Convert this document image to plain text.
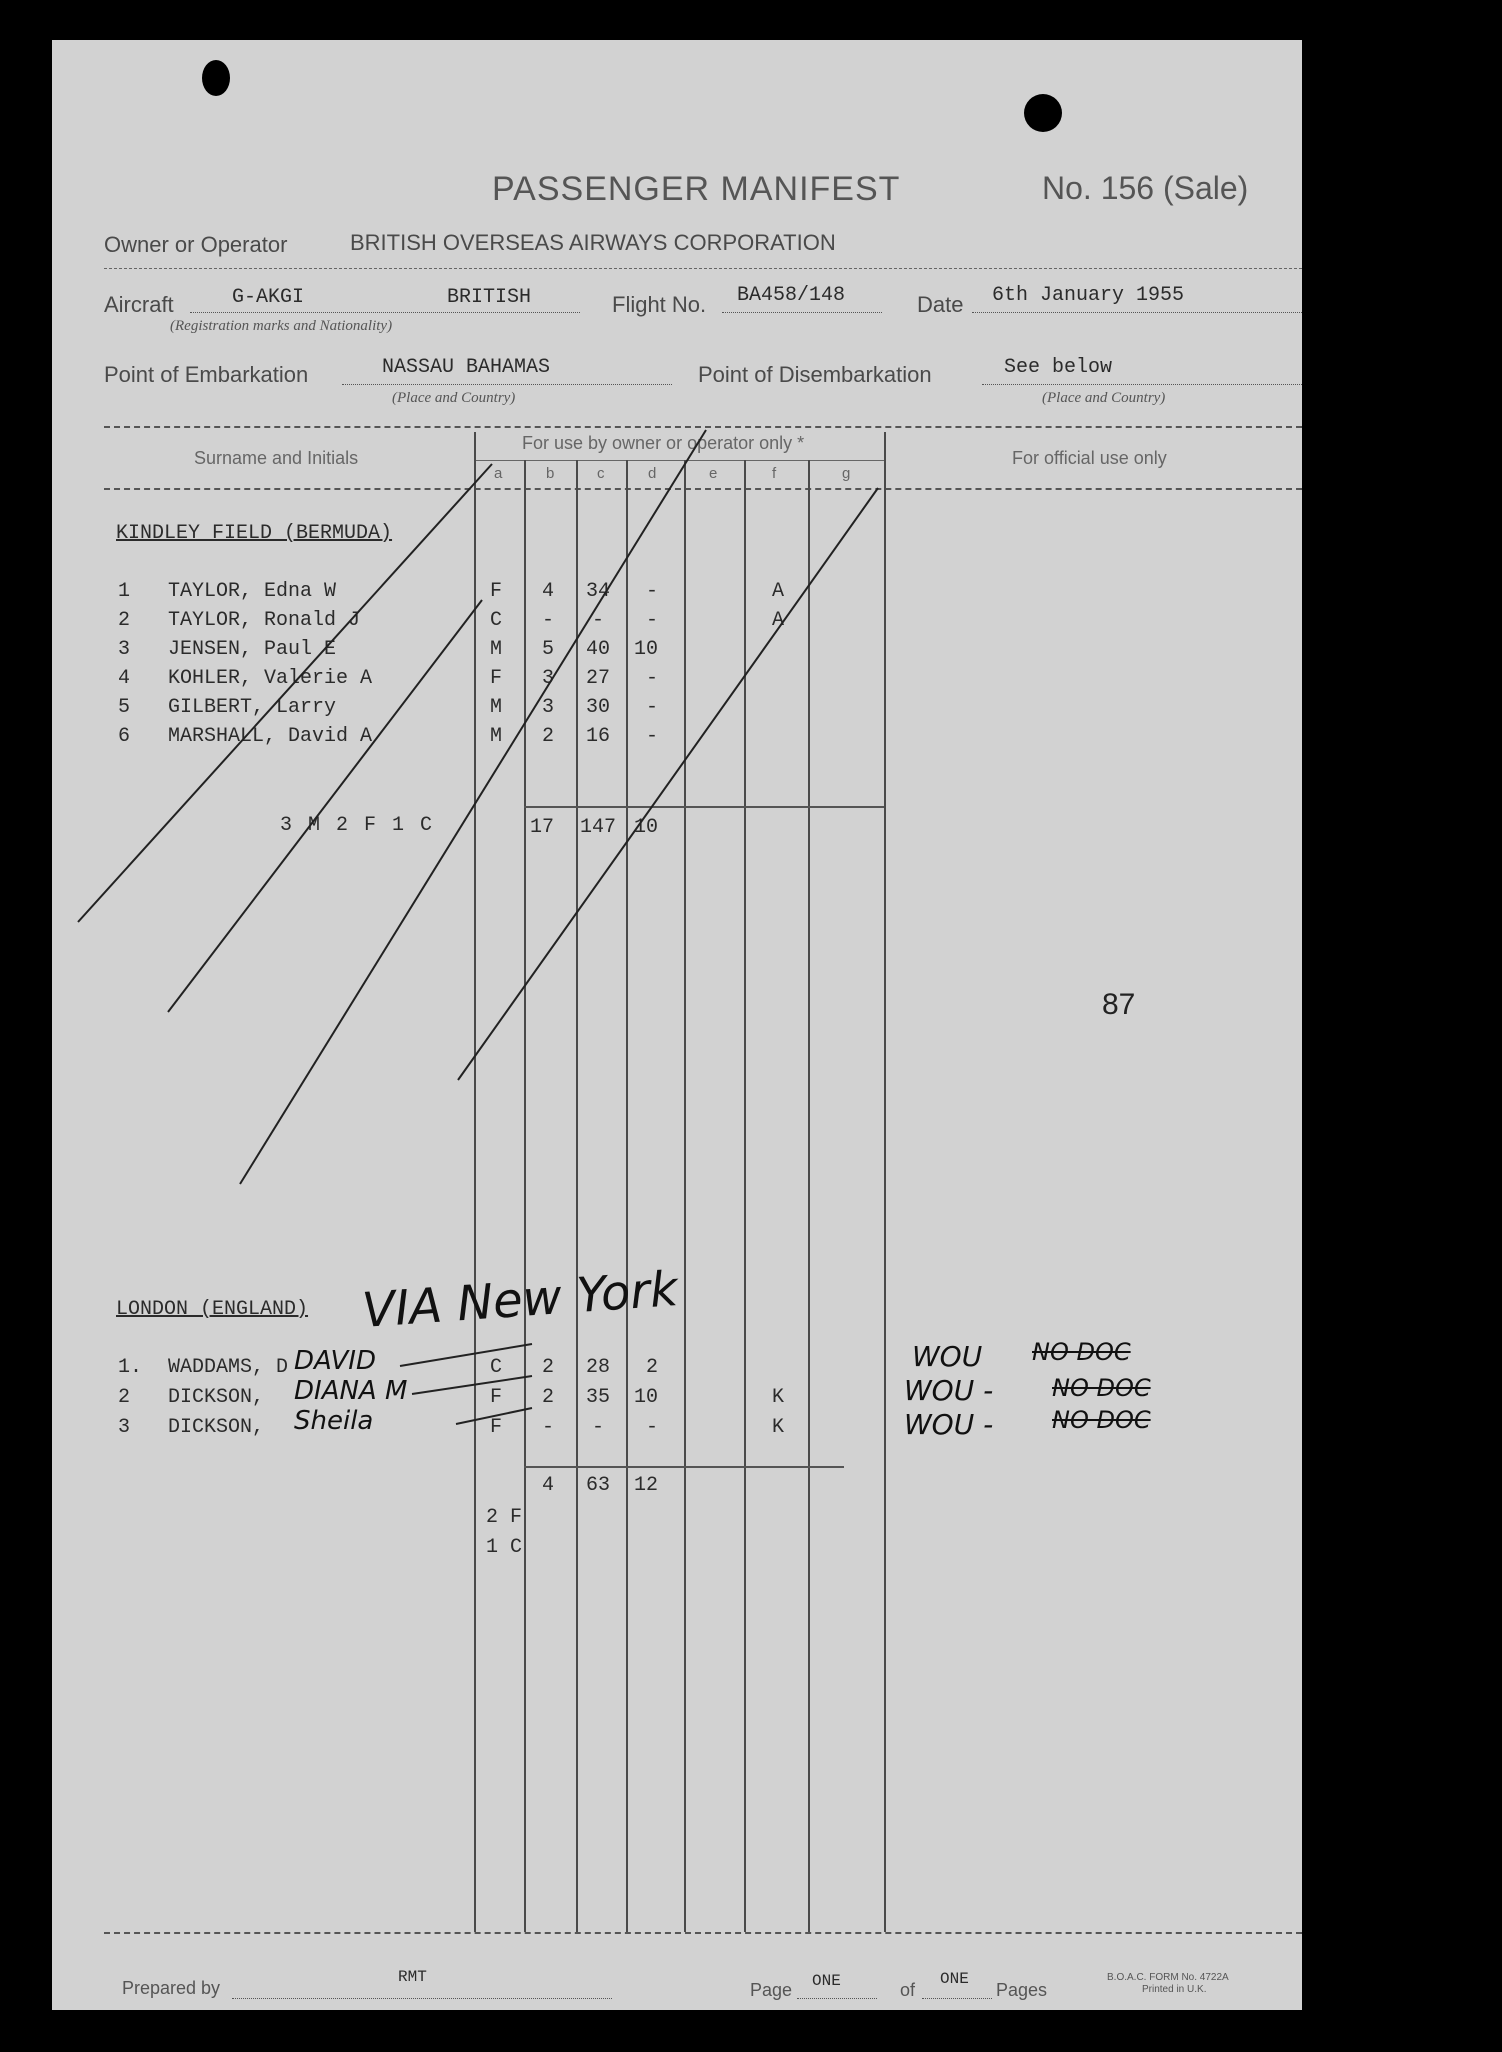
PASSENGER MANIFEST	No. 156 (Sale)
Owner or Operator	BRITISH OVERSEAS AIRWAYS CORPORATION
Aircraft	G-AKGI	BRITISH
(Registration marks and Nationality)
Flight No. BA458/148	Date 6th January 1955
Point of Embarkation	NASSAU BAHAMAS
(Place and Country)
Point of Disembarkation	See below
(Place and Country)
Surname and Initials
For use by owner or operator only *
For official use only
a	b	c	d	e	f	g
KINDLEY FIELD (BERMUDA)
1 TAYLOR, Edna W	F 4 34 -	A
2 TAYLOR, Ronald J	C - - -	A
3 JENSEN, Paul E	M 5 40 10
4 KOHLER, Valerie A	F 3 27 -
5 GILBERT, Larry	M 3 30 -
6 MARSHALL, David A	M 2 16 -
3 M 2 F 1 C	17 147 10
87
LONDON (ENGLAND) VIA New York
1. WADDAMS, D DAVID	C 2 28 2	WOU NO DOC
2 DICKSON, DIANA M	F 2 35 10	K	WOU - NO DOC
3 DICKSON, Sheila	F - - -	K	WOU - NO DOC
4 63 12
2 F
1 C
Prepared by
RMT
Page ONE	of
ONE
Pages
B.O.A.C. FORM No. 4722A
Printed in U.K.
